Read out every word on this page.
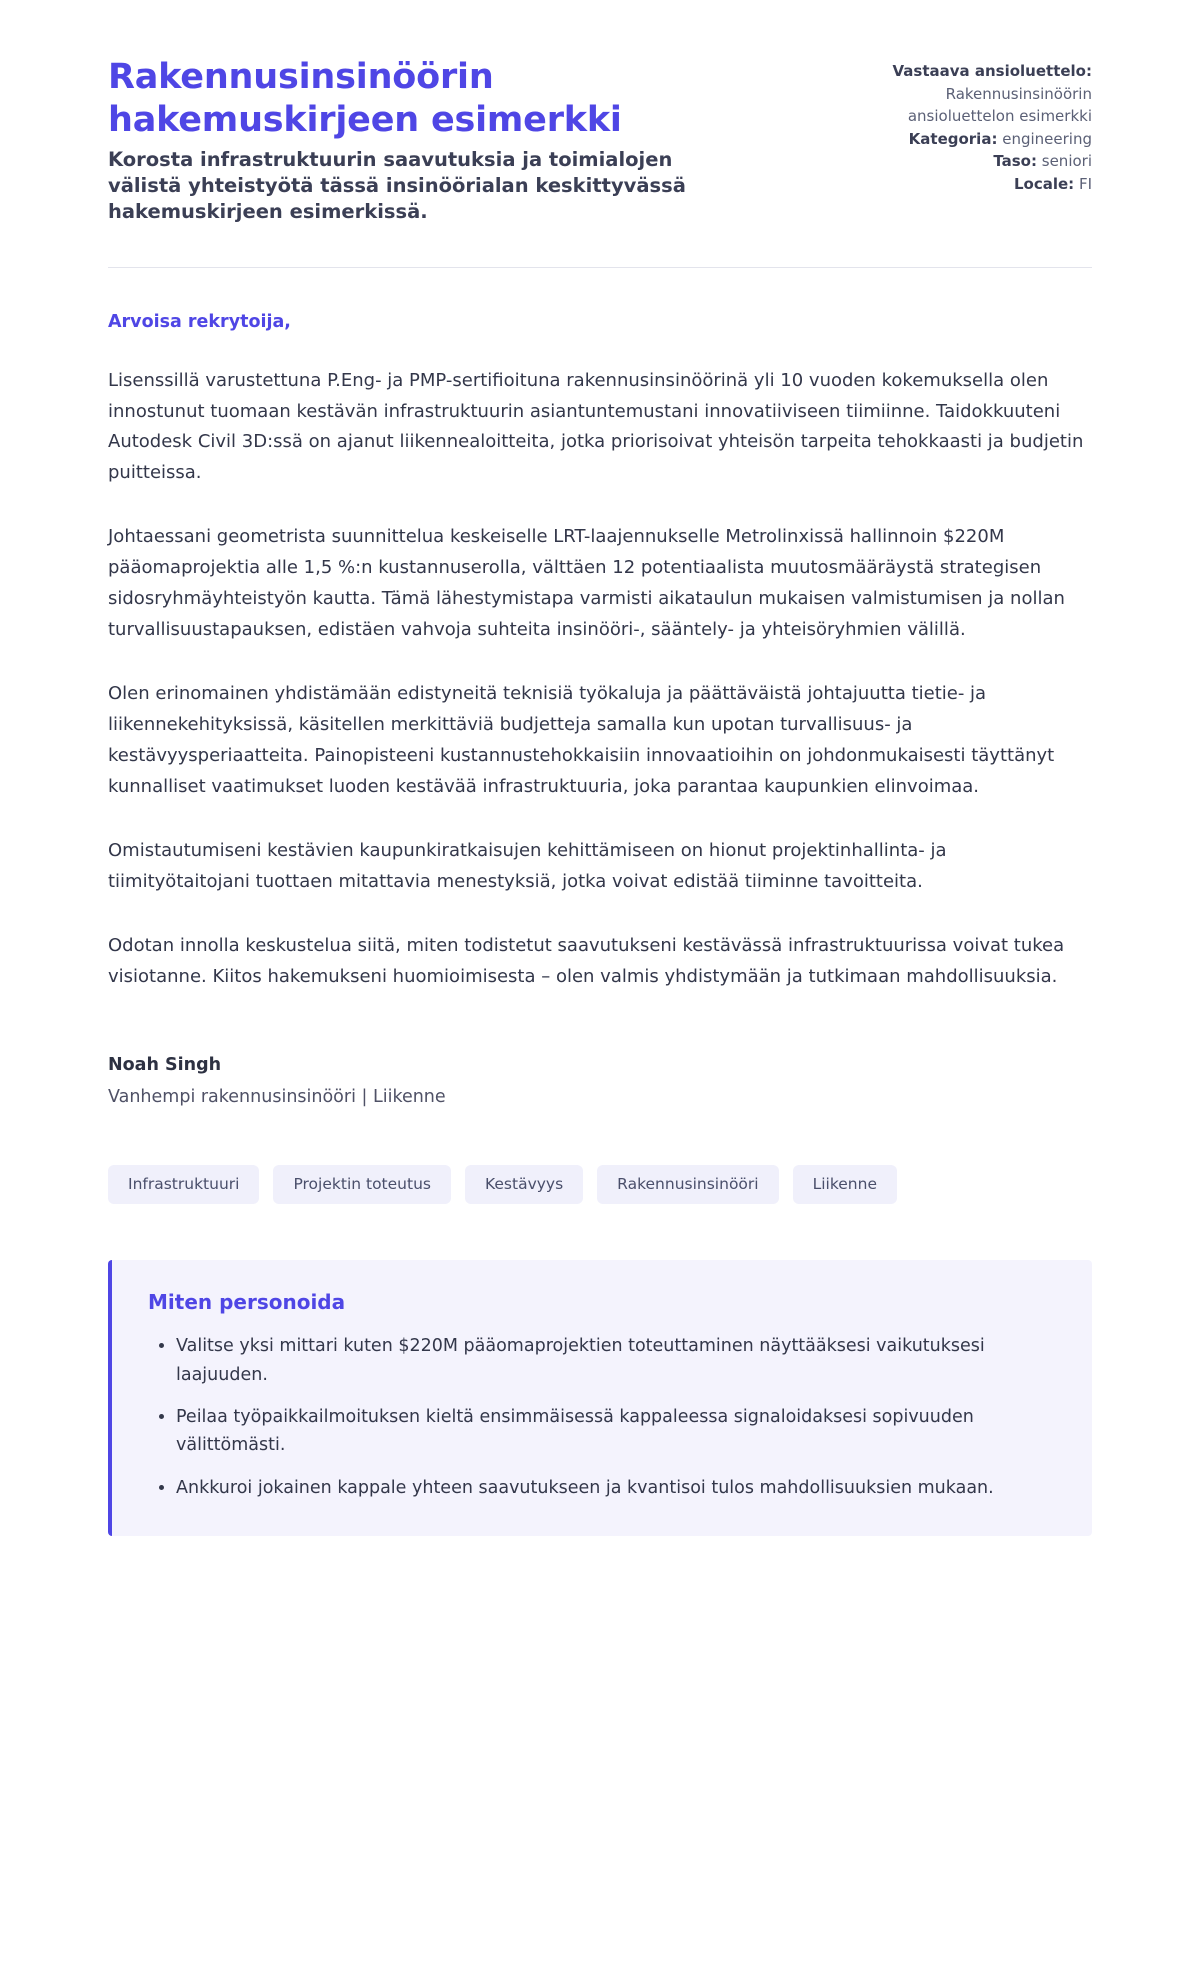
Rakennusinsinöörin hakemuskirjeen esimerkki

Korosta infrastruktuurin saavutuksia ja toimialojen välistä yhteistyötä tässä insinöörialan keskittyvässä hakemuskirjeen esimerkissä.

Vastaava ansioluettelo:
Rakennusinsinöörin
ansioluettelon esimerkki
Kategoria: engineering
Taso: seniori
Locale: FI

Arvoisa rekrytoija,

Lisenssillä varustettuna P.Eng- ja PMP-sertifioituna rakennusinsinöörinä yli 10 vuoden kokemuksella olen innostunut tuomaan kestävän infrastruktuurin asiantuntemustani innovatiiviseen tiimiinne. Taidokkuuteni Autodesk Civil 3D:ssä on ajanut liikennealoitteita, jotka priorisoivat yhteisön tarpeita tehokkaasti ja budjetin puitteissa.

Johtaessani geometrista suunnittelua keskeiselle LRT-laajennukselle Metrolinxissä hallinnoin $220M pääomaprojektia alle 1,5 %:n kustannuserolla, välttäen 12 potentiaalista muutosmääräystä strategisen sidosryhmäyhteistyön kautta. Tämä lähestymistapa varmisti aikataulun mukaisen valmistumisen ja nollan turvallisuustapauksen, edistäen vahvoja suhteita insinööri-, sääntely- ja yhteisöryhmien välillä.

Olen erinomainen yhdistämään edistyneitä teknisiä työkaluja ja päättäväistä johtajuutta tietie- ja liikennekehityksissä, käsitellen merkittäviä budjetteja samalla kun upotan turvallisuus- ja kestävyysperiaatteita. Painopisteeni kustannustehokkaisiin innovaatioihin on johdonmukaisesti täyttänyt kunnalliset vaatimukset luoden kestävää infrastruktuuria, joka parantaa kaupunkien elinvoimaa.

Omistautumiseni kestävien kaupunkiratkaisujen kehittämiseen on hionut projektinhallinta- ja tiimityötaitojani tuottaen mitattavia menestyksiä, jotka voivat edistää tiiminne tavoitteita.

Odotan innolla keskustelua siitä, miten todistetut saavutukseni kestävässä infrastruktuurissa voivat tukea visiotanne. Kiitos hakemukseni huomioimisesta – olen valmis yhdistymään ja tutkimaan mahdollisuuksia.

Noah Singh

Vanhempi rakennusinsinööri | Liikenne

Infrastruktuuri	Projektin toteutus	Kestävyys	Rakennusinsinööri	Liikenne

Miten personoida

• Valitse yksi mittari kuten $220M pääomaprojektien toteuttaminen näyttääksesi vaikutuksesi laajuuden.
• Peilaa työpaikkailmoituksen kieltä ensimmäisessä kappaleessa signaloidaksesi sopivuuden välittömästi.
• Ankkuroi jokainen kappale yhteen saavutukseen ja kvantisoi tulos mahdollisuuksien mukaan.
